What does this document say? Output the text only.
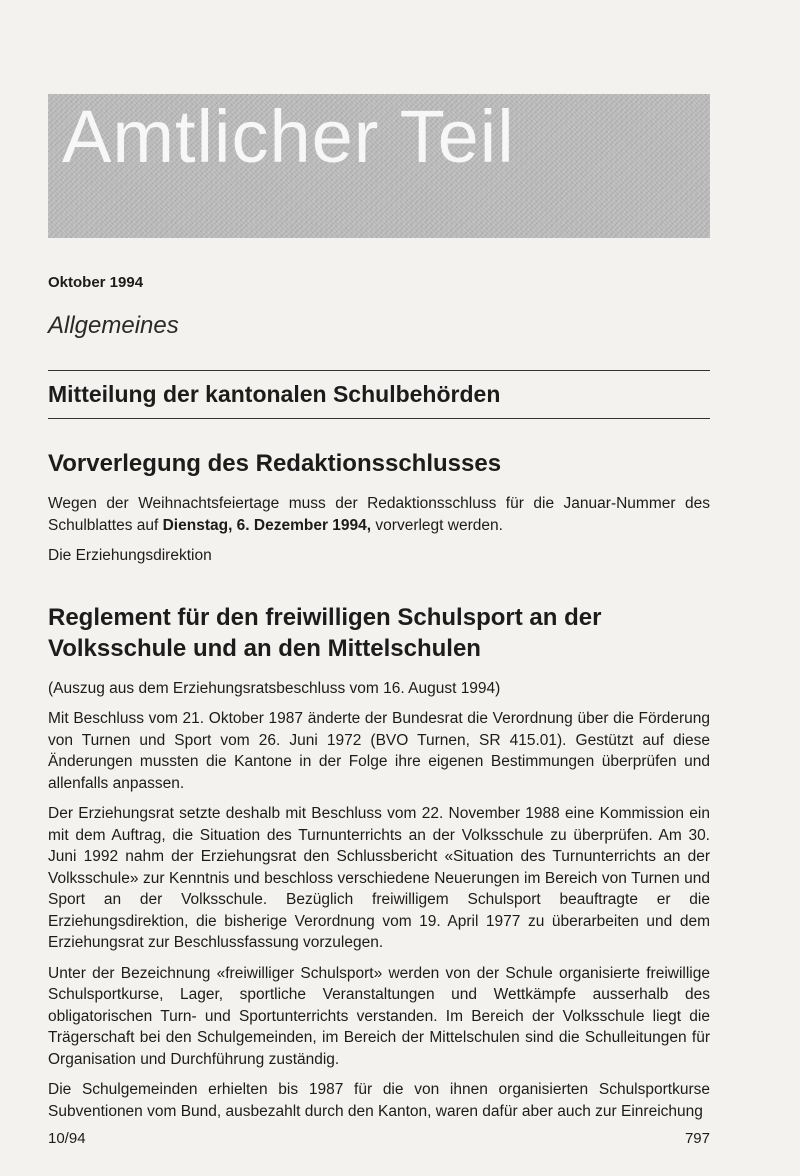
Amtlicher Teil

Oktober 1994

Allgemeines
Mitteilung der kantonalen Schulbehörden
Vorverlegung des Redaktionsschlusses

Wegen der Weihnachtsfeiertage muss der Redaktionsschluss für die Januar-Nummer des Schulblattes auf Dienstag, 6. Dezember 1994, vorverlegt werden.

Die Erziehungsdirektion

Reglement für den freiwilligen Schulsport an der Volksschule und an den Mittelschulen

(Auszug aus dem Erziehungsratsbeschluss vom 16. August 1994)

Mit Beschluss vom 21. Oktober 1987 änderte der Bundesrat die Verordnung über die Förderung von Turnen und Sport vom 26. Juni 1972 (BVO Turnen, SR 415.01). Gestützt auf diese Änderungen mussten die Kantone in der Folge ihre eigenen Bestimmungen überprüfen und allenfalls anpassen.

Der Erziehungsrat setzte deshalb mit Beschluss vom 22. November 1988 eine Kommission ein mit dem Auftrag, die Situation des Turnunterrichts an der Volksschule zu überprüfen. Am 30. Juni 1992 nahm der Erziehungsrat den Schlussbericht «Situation des Turnunterrichts an der Volksschule» zur Kenntnis und beschloss verschiedene Neuerungen im Bereich von Turnen und Sport an der Volksschule. Bezüglich freiwilligem Schulsport beauftragte er die Erziehungsdirektion, die bisherige Verordnung vom 19. April 1977 zu überarbeiten und dem Erziehungsrat zur Beschlussfassung vorzulegen.

Unter der Bezeichnung «freiwilliger Schulsport» werden von der Schule organisierte freiwillige Schulsportkurse, Lager, sportliche Veranstaltungen und Wettkämpfe ausserhalb des obligatorischen Turn- und Sportunterrichts verstanden. Im Bereich der Volksschule liegt die Trägerschaft bei den Schulgemeinden, im Bereich der Mittelschulen sind die Schulleitungen für Organisation und Durchführung zuständig.

Die Schulgemeinden erhielten bis 1987 für die von ihnen organisierten Schulsportkurse Subventionen vom Bund, ausbezahlt durch den Kanton, waren dafür aber auch zur Einreichung

10/94	797
